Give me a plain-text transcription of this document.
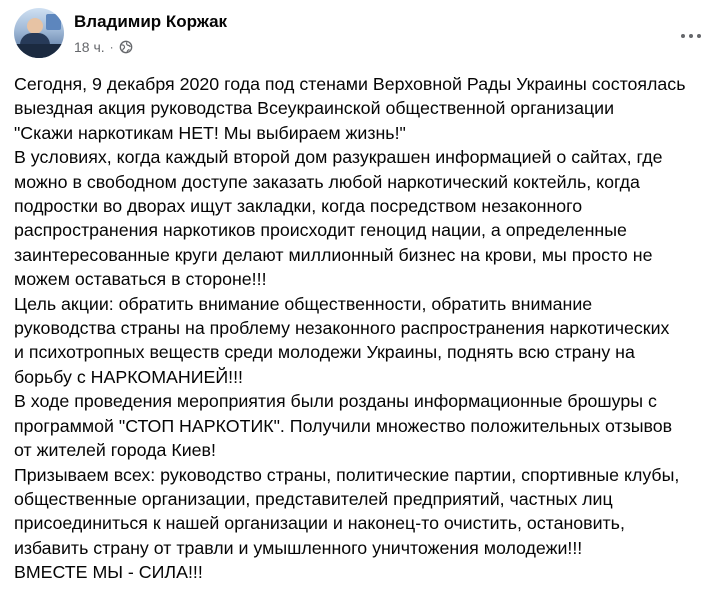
Владимир Коржак
18 ч. ·
Сегодня, 9 декабря 2020 года под стенами Верховной Рады Украины состоялась
выездная акция руководства Всеукраинской общественной организации
"Скажи наркотикам НЕТ! Мы выбираем жизнь!"
В условиях, когда каждый второй дом разукрашен информацией о сайтах, где
можно в свободном доступе заказать любой наркотический коктейль, когда
подростки во дворах ищут закладки, когда посредством незаконного
распространения наркотиков происходит геноцид нации, а определенные
заинтересованные круги делают миллионный бизнес на крови, мы просто не
можем оставаться в стороне!!!
Цель акции: обратить внимание общественности, обратить внимание
руководства страны на проблему незаконного распространения наркотических
и психотропных веществ среди молодежи Украины, поднять всю страну на
борьбу с НАРКОМАНИЕЙ!!!
В ходе проведения мероприятия были розданы информационные брошуры с
программой "СТОП НАРКОТИК". Получили множество положительных отзывов
от жителей города Киев!
Призываем всех: руководство страны, политические партии, спортивные клубы,
общественные организации, представителей предприятий, частных лиц
присоединиться к нашей организации и наконец-то очистить, остановить,
избавить страну от травли и умышленного уничтожения молодежи!!!
ВМЕСТЕ МЫ - СИЛА!!!
